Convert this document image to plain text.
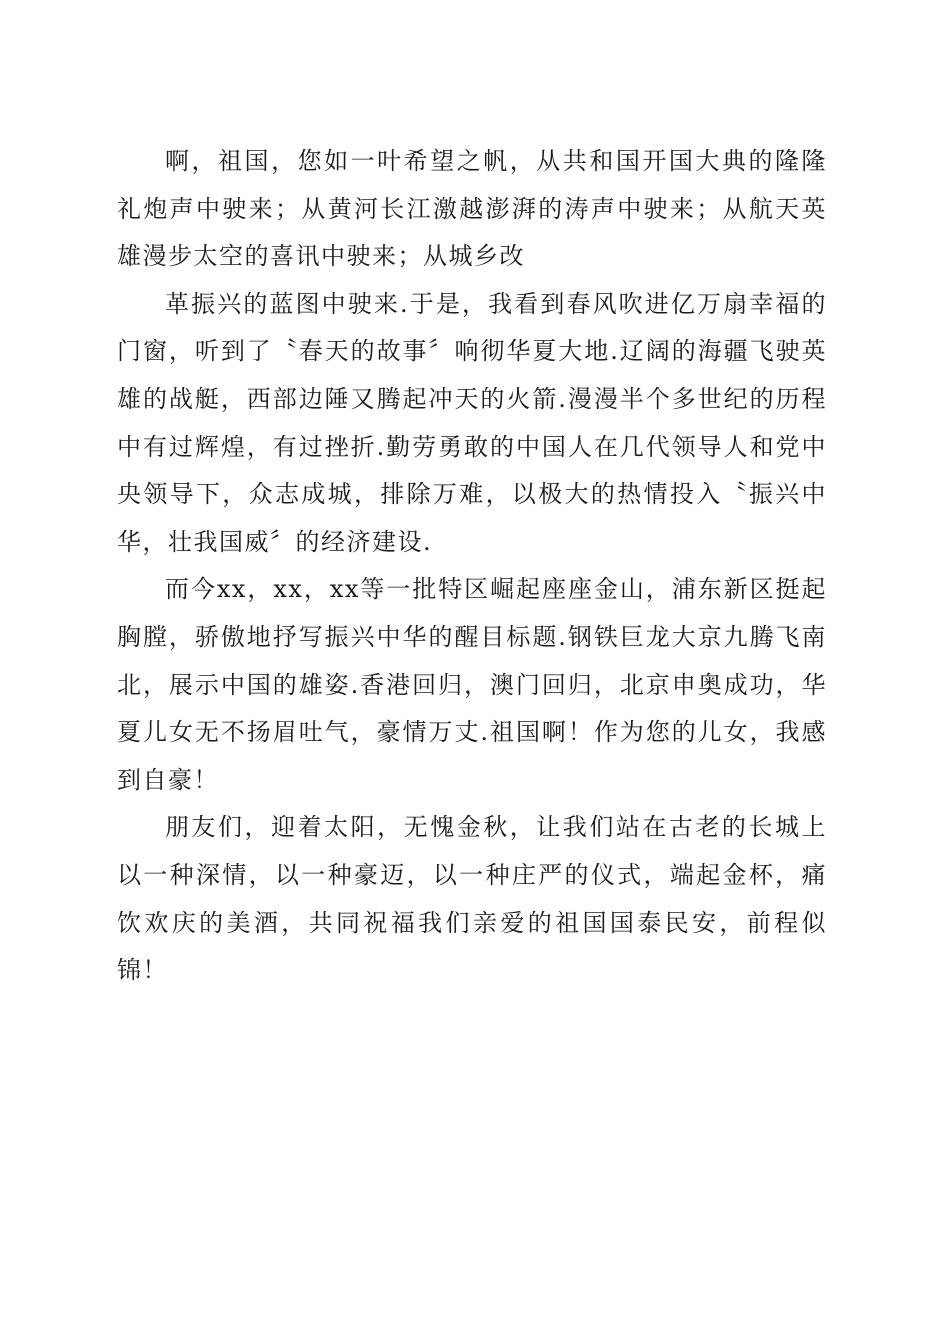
啊，祖国，您如一叶希望之帆，从共和国开国大典的隆隆礼炮声中驶来；从黄河长江激越澎湃的涛声中驶来；从航天英雄漫步太空的喜讯中驶来；从城乡改

革振兴的蓝图中驶来.于是，我看到春风吹进亿万扇幸福的门窗，听到了〝春天的故事〞响彻华夏大地.辽阔的海疆飞驶英雄的战艇，西部边陲又腾起冲天的火箭.漫漫半个多世纪的历程中有过辉煌，有过挫折.勤劳勇敢的中国人在几代领导人和党中央领导下，众志成城，排除万难，以极大的热情投入〝振兴中华，壮我国威〞的经济建设.

而今xx，xx，xx等一批特区崛起座座金山，浦东新区挺起胸膛，骄傲地抒写振兴中华的醒目标题.钢铁巨龙大京九腾飞南北，展示中国的雄姿.香港回归，澳门回归，北京申奥成功，华夏儿女无不扬眉吐气，豪情万丈.祖国啊！作为您的儿女，我感到自豪！

朋友们，迎着太阳，无愧金秋，让我们站在古老的长城上以一种深情，以一种豪迈，以一种庄严的仪式，端起金杯，痛饮欢庆的美酒，共同祝福我们亲爱的祖国国泰民安，前程似锦！
